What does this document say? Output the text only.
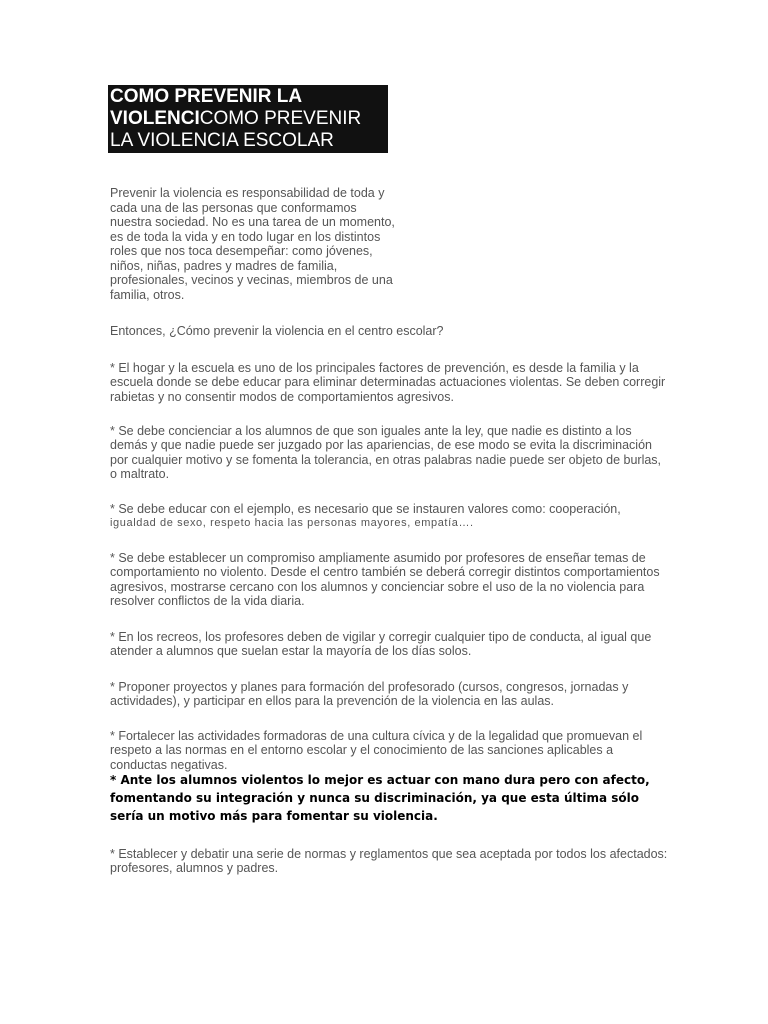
COMO PREVENIR LA
VIOLENCICOMO PREVENIR
LA VIOLENCIA ESCOLAR
Prevenir la violencia es responsabilidad de toda y cada una de las personas que conformamos nuestra sociedad. No es una tarea de un momento, es de toda la vida y en todo lugar en los distintos roles que nos toca desempeñar: como jóvenes, niños, niñas, padres y madres de familia, profesionales, vecinos y vecinas, miembros de una familia, otros.
Entonces, ¿Cómo prevenir la violencia en el centro escolar?
* El hogar y la escuela es uno de los principales factores de prevención, es desde la familia y la escuela donde se debe educar para eliminar determinadas actuaciones violentas. Se deben corregir rabietas y no consentir modos de comportamientos agresivos.
* Se debe concienciar a los alumnos de que son iguales ante la ley, que nadie es distinto a los demás y que nadie puede ser juzgado por las apariencias, de ese modo se evita la discriminación por cualquier motivo y se fomenta la tolerancia, en otras palabras nadie puede ser objeto de burlas, o maltrato.
* Se debe educar con el ejemplo, es necesario que se instauren valores como: cooperación,
igualdad de sexo, respeto hacia las personas mayores, empatía….
* Se debe establecer un compromiso ampliamente asumido por profesores de enseñar temas de comportamiento no violento. Desde el centro también se deberá corregir distintos comportamientos agresivos, mostrarse cercano con los alumnos y concienciar sobre el uso de la no violencia para resolver conflictos de la vida diaria.
* En los recreos, los profesores deben de vigilar y corregir cualquier tipo de conducta, al igual que atender a alumnos que suelan estar la mayoría de los días solos.
* Proponer proyectos y planes para formación del profesorado (cursos, congresos, jornadas y actividades), y participar en ellos para la prevención de la violencia en las aulas.
* Fortalecer las actividades formadoras de una cultura cívica y de la legalidad que promuevan el respeto a las normas en el entorno escolar y el conocimiento de las sanciones aplicables a conductas negativas.
* Ante los alumnos violentos lo mejor es actuar con mano dura pero con afecto, fomentando su integración y nunca su discriminación, ya que esta última sólo sería un motivo más para fomentar su violencia.
* Establecer y debatir una serie de normas y reglamentos que sea aceptada por todos los afectados: profesores, alumnos y padres.
